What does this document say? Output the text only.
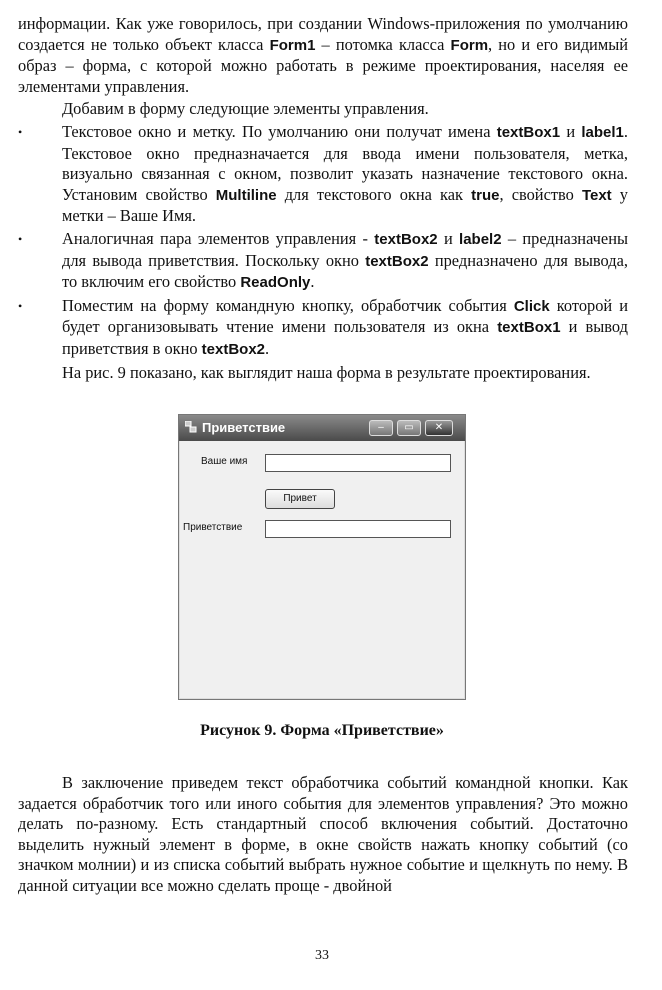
информации. Как уже говорилось, при создании Windows-приложения по умолчанию создается не только объект класса Form1 – потомка класса Form, но и его видимый образ – форма, с которой можно работать в режиме проектирования, населяя ее элементами управления.

Добавим в форму следующие элементы управления.

• Текстовое окно и метку. По умолчанию они получат имена textBox1 и label1. Текстовое окно предназначается для ввода имени пользователя, метка, визуально связанная с окном, позволит указать назначение текстового окна. Установим свойство Multiline для текстового окна как true, свойство Text у метки – Ваше Имя.
• Аналогичная пара элементов управления - textBox2 и label2 – предназначены для вывода приветствия. Поскольку окно textBox2 предназначено для вывода, то включим его свойство ReadOnly.
• Поместим на форму командную кнопку, обработчик события Click которой и будет организовывать чтение имени пользователя из окна textBox1 и вывод приветствия в окно textBox2.

На рис. 9 показано, как выглядит наша форма в результате проектирования.

Приветствие	–	▭	✕
Ваше имя
Привет
Приветствие
Рисунок 9. Форма «Приветствие»

В заключение приведем текст обработчика событий командной кнопки. Как задается обработчик того или иного события для элементов управления? Это можно делать по-разному. Есть стандартный способ включения событий. Достаточно выделить нужный элемент в форме, в окне свойств нажать кнопку событий (со значком молнии) и из списка событий выбрать нужное событие и щелкнуть по нему. В данной ситуации все можно сделать проще - двойной

33
